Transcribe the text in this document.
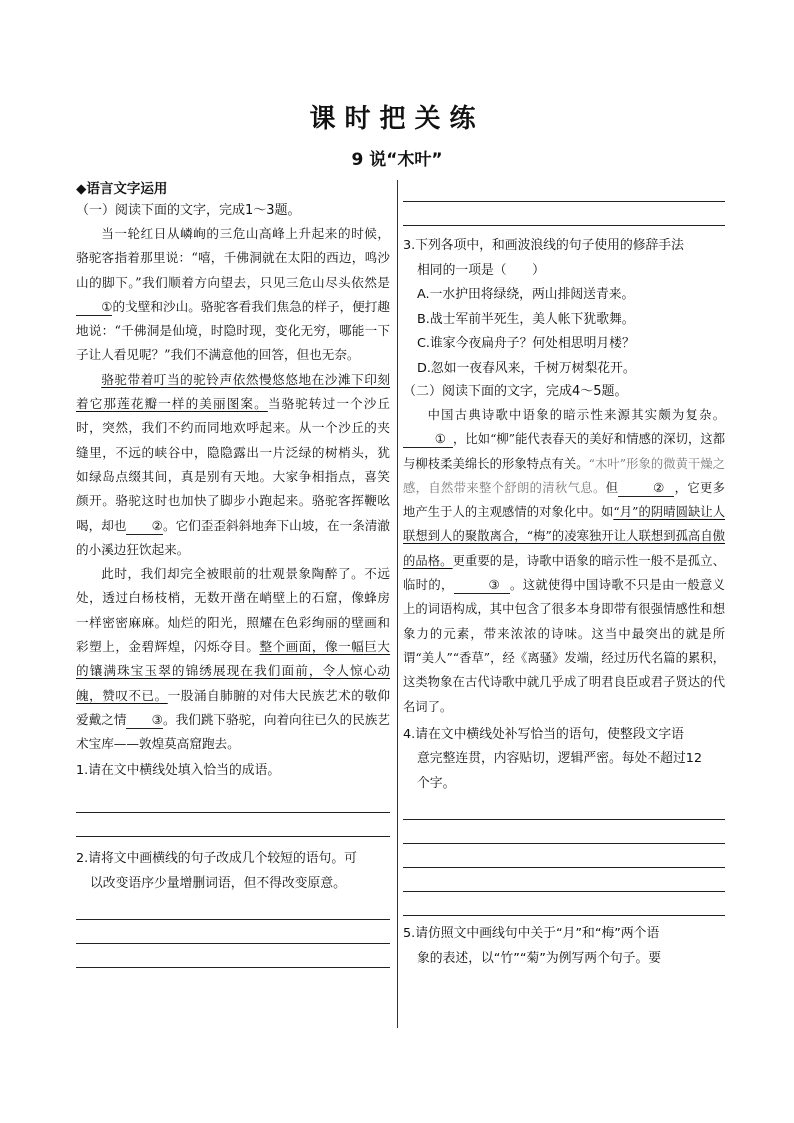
课时把关练
9 说“木叶”
◆语言文字运用
（一）阅读下面的文字，完成1～3题。

当一轮红日从嶙峋的三危山高峰上升起来的时候，骆驼客指着那里说：“嘻，千佛洞就在太阳的西边，鸣沙山的脚下。”我们顺着方向望去，只见三危山尽头依然是①的戈壁和沙山。骆驼客看我们焦急的样子，便打趣地说：“千佛洞是仙境，时隐时现，变化无穷，哪能一下子让人看见呢？”我们不满意他的回答，但也无奈。

骆驼带着叮当的驼铃声依然慢悠悠地在沙滩下印刻着它那莲花瓣一样的美丽图案。当骆驼转过一个沙丘时，突然，我们不约而同地欢呼起来。从一个沙丘的夹缝里，不远的峡谷中，隐隐露出一片泛绿的树梢头，犹如绿岛点缀其间，真是别有天地。大家争相指点，喜笑颜开。骆驼这时也加快了脚步小跑起来。骆驼客挥鞭吆喝，却也 ②。它们歪歪斜斜地奔下山坡，在一条清澈的小溪边狂饮起来。

此时，我们却完全被眼前的壮观景象陶醉了。不远处，透过白杨枝梢，无数开凿在峭壁上的石窟，像蜂房一样密密麻麻。灿烂的阳光，照耀在色彩绚丽的壁画和彩塑上，金碧辉煌，闪烁夺目。整个画面，像一幅巨大的镶满珠宝玉翠的锦绣展现在我们面前，令人惊心动魄，赞叹不已。一股涌自肺腑的对伟大民族艺术的敬仰爱戴之情 ③。我们跳下骆驼，向着向往已久的民族艺术宝库——敦煌莫高窟跑去。

1.请在文中横线处填入恰当的成语。
2.请将文中画横线的句子改成几个较短的语句。可
以改变语序少量增删词语，但不得改变原意。
3.下列各项中，和画波浪线的句子使用的修辞手法
相同的一项是（　　）
A.一水护田将绿绕，两山排闼送青来。
B.战士军前半死生，美人帐下犹歌舞。
C.谁家今夜扁舟子？何处相思明月楼？
D.忽如一夜春风来，千树万树梨花开。
（二）阅读下面的文字，完成4～5题。

中国古典诗歌中语象的暗示性来源其实颇为复杂。① ，比如“柳”能代表春天的美好和情感的深切，这都与柳枝柔美绵长的形象特点有关。“木叶”形象的微黄干燥之感，自然带来整个舒朗的清秋气息。但	② ，它更多地产生于人的主观感情的对象化中。如“月”的阴晴圆缺让人联想到人的聚散离合，“梅”的凌寒独开让人联想到孤高自傲的品格。更重要的是，诗歌中语象的暗示性一般不是孤立、临时的，	③ 。这就使得中国诗歌不只是由一般意义上的词语构成，其中包含了很多本身即带有很强情感性和想象力的元素，带来浓浓的诗味。这当中最突出的就是所谓“美人”“香草”，经《离骚》发端，经过历代名篇的累积，这类物象在古代诗歌中就几乎成了明君良臣或君子贤达的代名词了。

4.请在文中横线处补写恰当的语句，使整段文字语
意完整连贯，内容贴切，逻辑严密。每处不超过12
个字。
5.请仿照文中画线句中关于“月”和“梅”两个语
象的表述，以“竹”“菊”为例写两个句子。要
